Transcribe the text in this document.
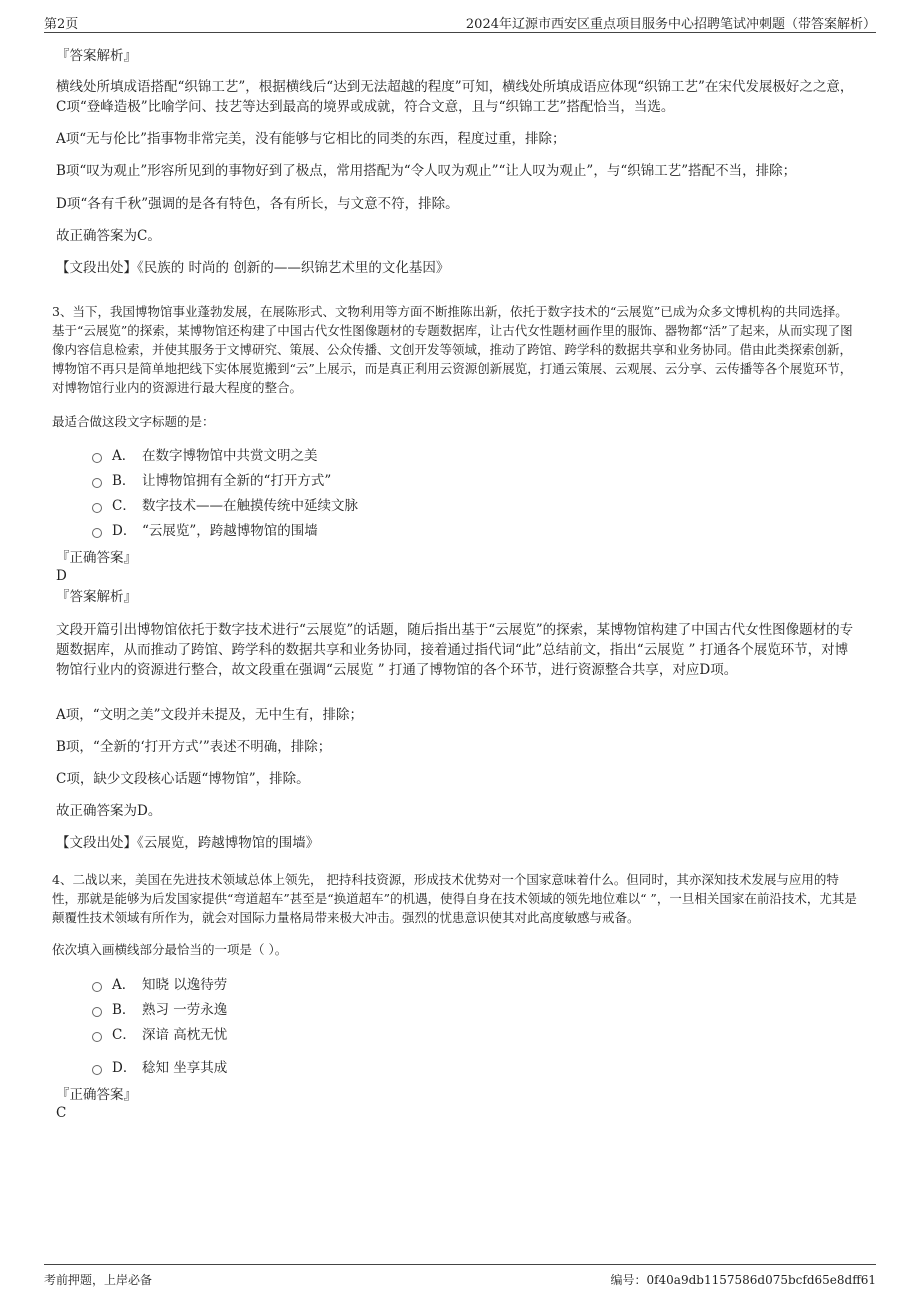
第2页	2024年辽源市西安区重点项目服务中心招聘笔试冲刺题（带答案解析）

『答案解析』

横线处所填成语搭配“织锦工艺”，根据横线后“达到无法超越的程度”可知，横线处所填成语应体现“织锦工艺”在宋代发展极好之之意，C项“登峰造极”比喻学问、技艺等达到最高的境界或成就，符合文意，且与“织锦工艺”搭配恰当，当选。

A项“无与伦比”指事物非常完美，没有能够与它相比的同类的东西，程度过重，排除；

B项“叹为观止”形容所见到的事物好到了极点，常用搭配为“令人叹为观止”“让人叹为观止”，与“织锦工艺”搭配不当，排除；

D项“各有千秋”强调的是各有特色，各有所长，与文意不符，排除。

故正确答案为C。

【文段出处】《民族的 时尚的 创新的——织锦艺术里的文化基因》

3、当下，我国博物馆事业蓬勃发展，在展陈形式、文物利用等方面不断推陈出新，依托于数字技术的“云展览”已成为众多文博机构的共同选择。基于“云展览”的探索，某博物馆还构建了中国古代女性图像题材的专题数据库，让古代女性题材画作里的服饰、器物都“活”了起来，从而实现了图像内容信息检索，并使其服务于文博研究、策展、公众传播、文创开发等领域，推动了跨馆、跨学科的数据共享和业务协同。借由此类探索创新，博物馆不再只是简单地把线下实体展览搬到“云”上展示，而是真正利用云资源创新展览，打通云策展、云观展、云分享、云传播等各个展览环节，对博物馆行业内的资源进行最大程度的整合。

最适合做这段文字标题的是：

A． 在数字博物馆中共赏文明之美
B． 让博物馆拥有全新的“打开方式”
C． 数字技术——在触摸传统中延续文脉
D． “云展览”，跨越博物馆的围墙

『正确答案』

D

『答案解析』

文段开篇引出博物馆依托于数字技术进行“云展览”的话题，随后指出基于“云展览”的探索，某博物馆构建了中国古代女性图像题材的专题数据库，从而推动了跨馆、跨学科的数据共享和业务协同，接着通过指代词“此”总结前文，指出“云展览 ” 打通各个展览环节，对博物馆行业内的资源进行整合，故文段重在强调“云展览 ” 打通了博物馆的各个环节，进行资源整合共享，对应D项。

A项，“文明之美”文段并未提及，无中生有，排除；

B项，“全新的‘打开方式’”表述不明确，排除；

C项，缺少文段核心话题“博物馆”，排除。

故正确答案为D。

【文段出处】《云展览，跨越博物馆的围墙》

4、二战以来，美国在先进技术领域总体上领先， 把持科技资源，形成技术优势对一个国家意味着什么。但同时，其亦深知技术发展与应用的特性，那就是能够为后发国家提供“弯道超车”甚至是“换道超车”的机遇，使得自身在技术领域的领先地位难以“ ”，一旦相关国家在前沿技术，尤其是颠覆性技术领域有所作为，就会对国际力量格局带来极大冲击。强烈的忧患意识使其对此高度敏感与戒备。

依次填入画横线部分最恰当的一项是（ ）。

A． 知晓 以逸待劳
B． 熟习 一劳永逸
C． 深谙 高枕无忧
D． 稔知 坐享其成

『正确答案』

C

考前押题，上岸必备	编号：0f40a9db1157586d075bcfd65e8dff61
